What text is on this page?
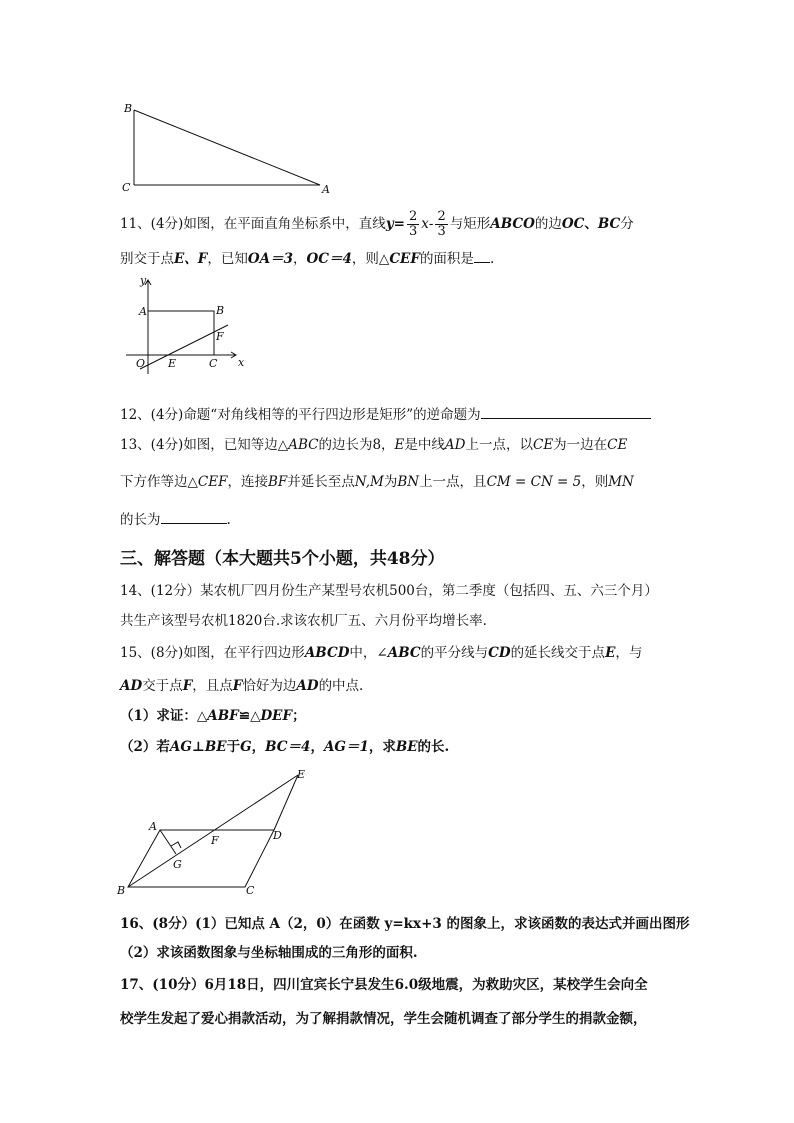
B
C	A
11、(4分)如图，在平面直角坐标系中，直线$y= \frac{2}{3} x- \frac{2}{3}$ 与矩形ABCO的边OC、BC分
别交于点E、F，已知OA＝3，OC＝4，则△CEF的面积是 .
y
A	B
F
O E	C x
12、(4分)命题“对角线相等的平行四边形是矩形”的逆命题为
13、(4分)如图，已知等边△ABC的边长为8，E是中线AD上一点，以CE为一边在CE
下方作等边△CEF，连接BF并延长至点N,M为BN上一点，且CM = CN = 5，则MN
的长为	.
三、解答题（本大题共5个小题，共48分）
14、(12分）某农机厂四月份生产某型号农机500台，第二季度（包括四、五、六三个月）
共生产该型号农机1820台.求该农机厂五、六月份平均增长率.
15、(8分)如图，在平行四边形ABCD中，∠ABC的平分线与CD的延长线交于点E，与
AD交于点F，且点F恰好为边AD的中点.
（1）求证：△ABF≌△DEF；
（2）若AG⊥BE于G，BC＝4，AG＝1，求BE的长.
E
A
D
F
G
B	C
16、(8分）(1）已知点 A（2，0）在函数 y=kx+3 的图象上，求该函数的表达式并画出图形
（2）求该函数图象与坐标轴围成的三角形的面积.
17、(10分）6月18日，四川宜宾长宁县发生6.0级地震，为救助灾区，某校学生会向全
校学生发起了爱心捐款活动，为了解捐款情况，学生会随机调查了部分学生的捐款金额，
